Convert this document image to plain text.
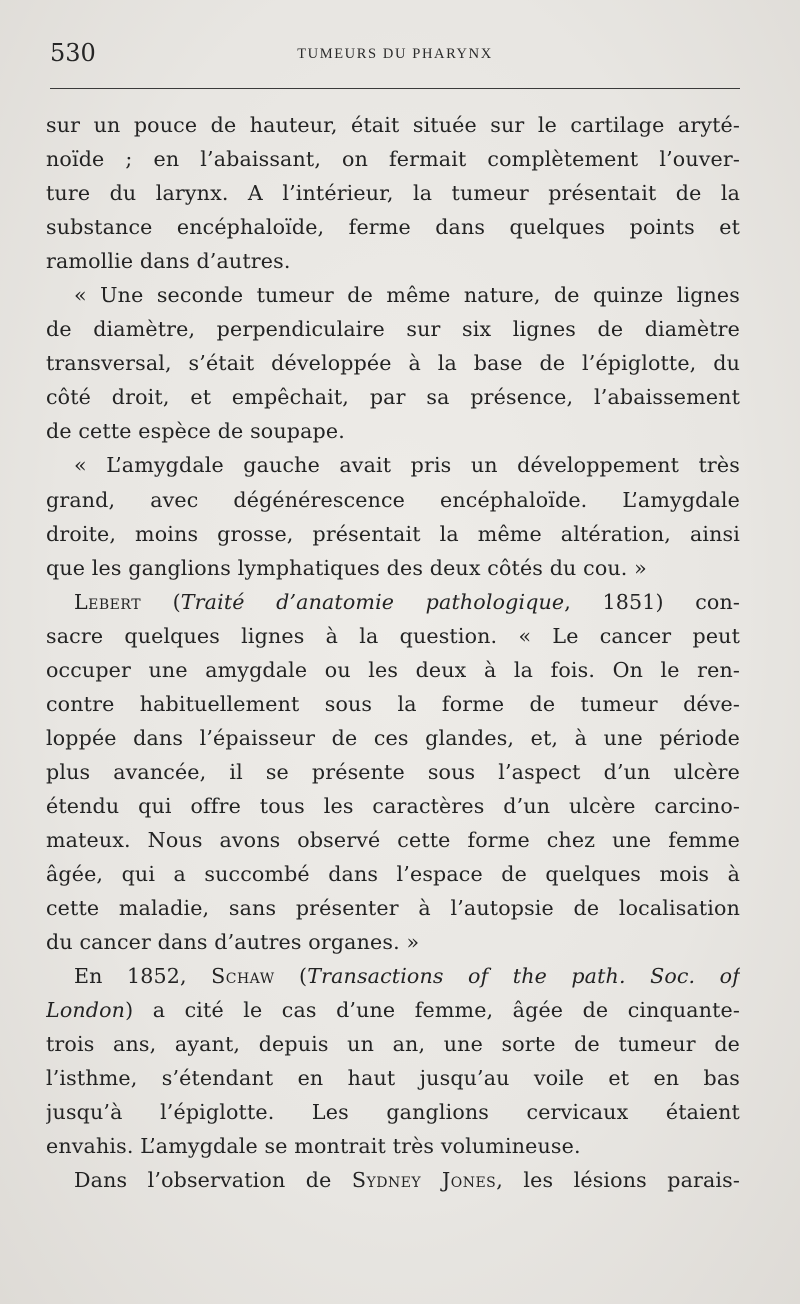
530	TUMEURS DU PHARYNX
sur un pouce de hauteur, était située sur le cartilage aryté-
noïde ; en l’abaissant, on fermait complètement l’ouver-
ture du larynx. A l’intérieur, la tumeur présentait de la
substance encéphaloïde, ferme dans quelques points et
ramollie dans d’autres.
« Une seconde tumeur de même nature, de quinze lignes
de diamètre, perpendiculaire sur six lignes de diamètre
transversal, s’était développée à la base de l’épiglotte, du
côté droit, et empêchait, par sa présence, l’abaissement
de cette espèce de soupape.
« L’amygdale gauche avait pris un développement très
grand, avec dégénérescence encéphaloïde. L’amygdale
droite, moins grosse, présentait la même altération, ainsi
que les ganglions lymphatiques des deux côtés du cou. »
Lebert (Traité d’anatomie pathologique, 1851) con-
sacre quelques lignes à la question. « Le cancer peut
occuper une amygdale ou les deux à la fois. On le ren-
contre habituellement sous la forme de tumeur déve-
loppée dans l’épaisseur de ces glandes, et, à une période
plus avancée, il se présente sous l’aspect d’un ulcère
étendu qui offre tous les caractères d’un ulcère carcino-
mateux. Nous avons observé cette forme chez une femme
âgée, qui a succombé dans l’espace de quelques mois à
cette maladie, sans présenter à l’autopsie de localisation
du cancer dans d’autres organes. »
En 1852, Schaw (Transactions of the path. Soc. of
London) a cité le cas d’une femme, âgée de cinquante-
trois ans, ayant, depuis un an, une sorte de tumeur de
l’isthme, s’étendant en haut jusqu’au voile et en bas
jusqu’à l’épiglotte. Les ganglions cervicaux étaient
envahis. L’amygdale se montrait très volumineuse.
Dans l’observation de Sydney Jones, les lésions parais-
